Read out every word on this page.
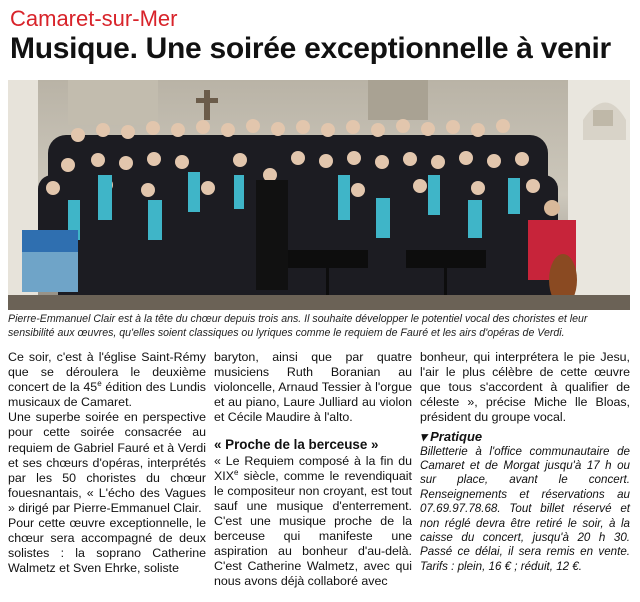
Camaret-sur-Mer
Musique. Une soirée exceptionnelle à venir
Pierre-Emmanuel Clair est à la tête du chœur depuis trois ans. Il souhaite développer le potentiel vocal des choristes et leur sensibilité aux œuvres, qu'elles soient classiques ou lyriques comme le requiem de Fauré et les airs d'opéras de Verdi.

Ce soir, c'est à l'église Saint-Rémy que se déroulera le deuxième concert de la 45e édition des Lundis musicaux de Camaret.

Une superbe soirée en perspective pour cette soirée consacrée au requiem de Gabriel Fauré et à Verdi et ses chœurs d'opéras, interprétés par les 50 choristes du chœur fouesnantais, « L'écho des Vagues » dirigé par Pierre-Emmanuel Clair.

Pour cette œuvre exceptionnelle, le chœur sera accompagné de deux solistes : la soprano Catherine Walmetz et Sven Ehrke, soliste

baryton, ainsi que par quatre musiciens Ruth Boranian au violoncelle, Arnaud Tessier à l'orgue et au piano, Laure Julliard au violon et Cécile Maudire à l'alto.

« Proche de la berceuse »

« Le Requiem composé à la fin du XIXe siècle, comme le revendiquait le compositeur non croyant, est tout sauf une musique d'enterrement. C'est une musique proche de la berceuse qui manifeste une aspiration au bonheur d'au-delà. C'est Catherine Walmetz, avec qui nous avons déjà collaboré avec

bonheur, qui interprétera le pie Jesu, l'air le plus célèbre de cette œuvre que tous s'accordent à qualifier de céleste », précise Miche lle Bloas, président du groupe vocal.

▾ Pratique

Billetterie à l'office communautaire de Camaret et de Morgat jusqu'à 17 h ou sur place, avant le concert. Renseignements et réservations au 07.69.97.78.68. Tout billet réservé et non réglé devra être retiré le soir, à la caisse du concert, jusqu'à 20 h 30. Passé ce délai, il sera remis en vente. Tarifs : plein, 16 € ; réduit, 12 €.
